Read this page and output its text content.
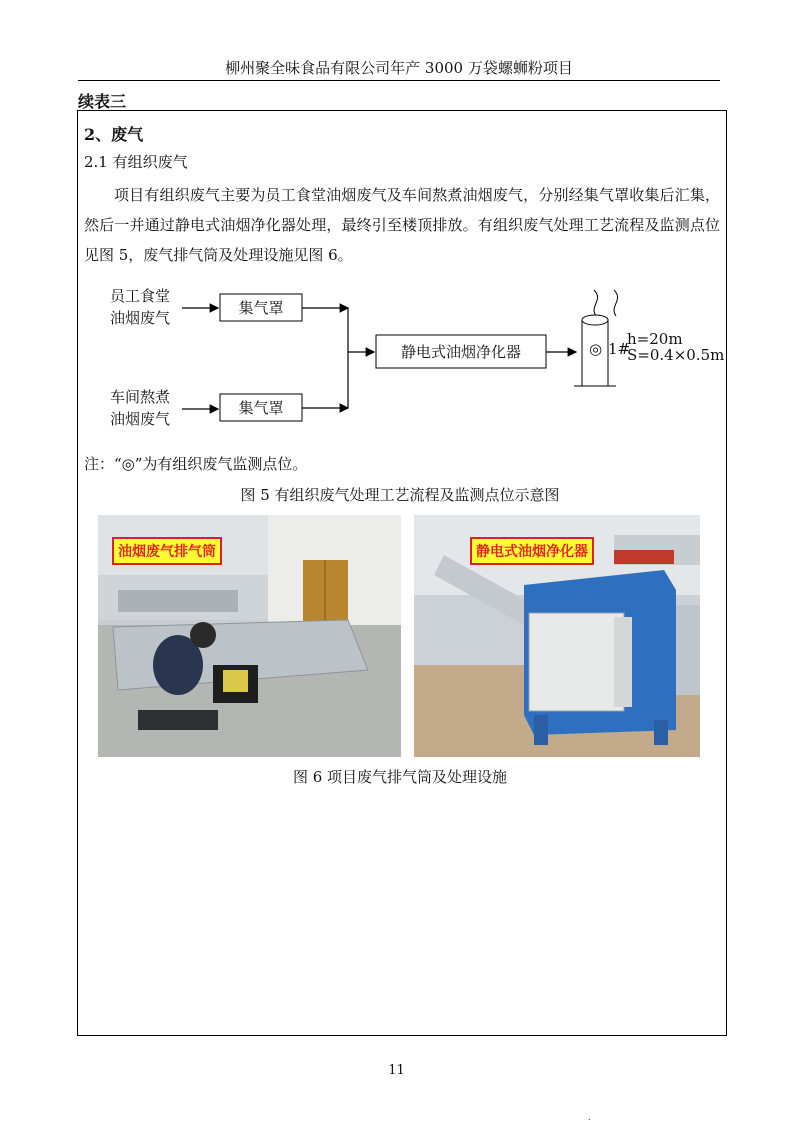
柳州聚全味食品有限公司年产 3000 万袋螺蛳粉项目
续表三
2、废气
2.1 有组织废气
项目有组织废气主要为员工食堂油烟废气及车间熬煮油烟废气，分别经集气罩收集后汇集，然后一并通过静电式油烟净化器处理，最终引至楼顶排放。有组织废气处理工艺流程及监测点位见图 5，废气排气筒及处理设施见图 6。
员工食堂
油烟废气
车间熬煮
油烟废气
集气罩
集气罩
静电式油烟净化器	◎ 1#
h=20m
S=0.4×0.5m
注：“◎”为有组织废气监测点位。
图 5 有组织废气处理工艺流程及监测点位示意图
油烟废气排气筒	静电式油烟净化器
图 6 项目废气排气筒及处理设施
11
.
